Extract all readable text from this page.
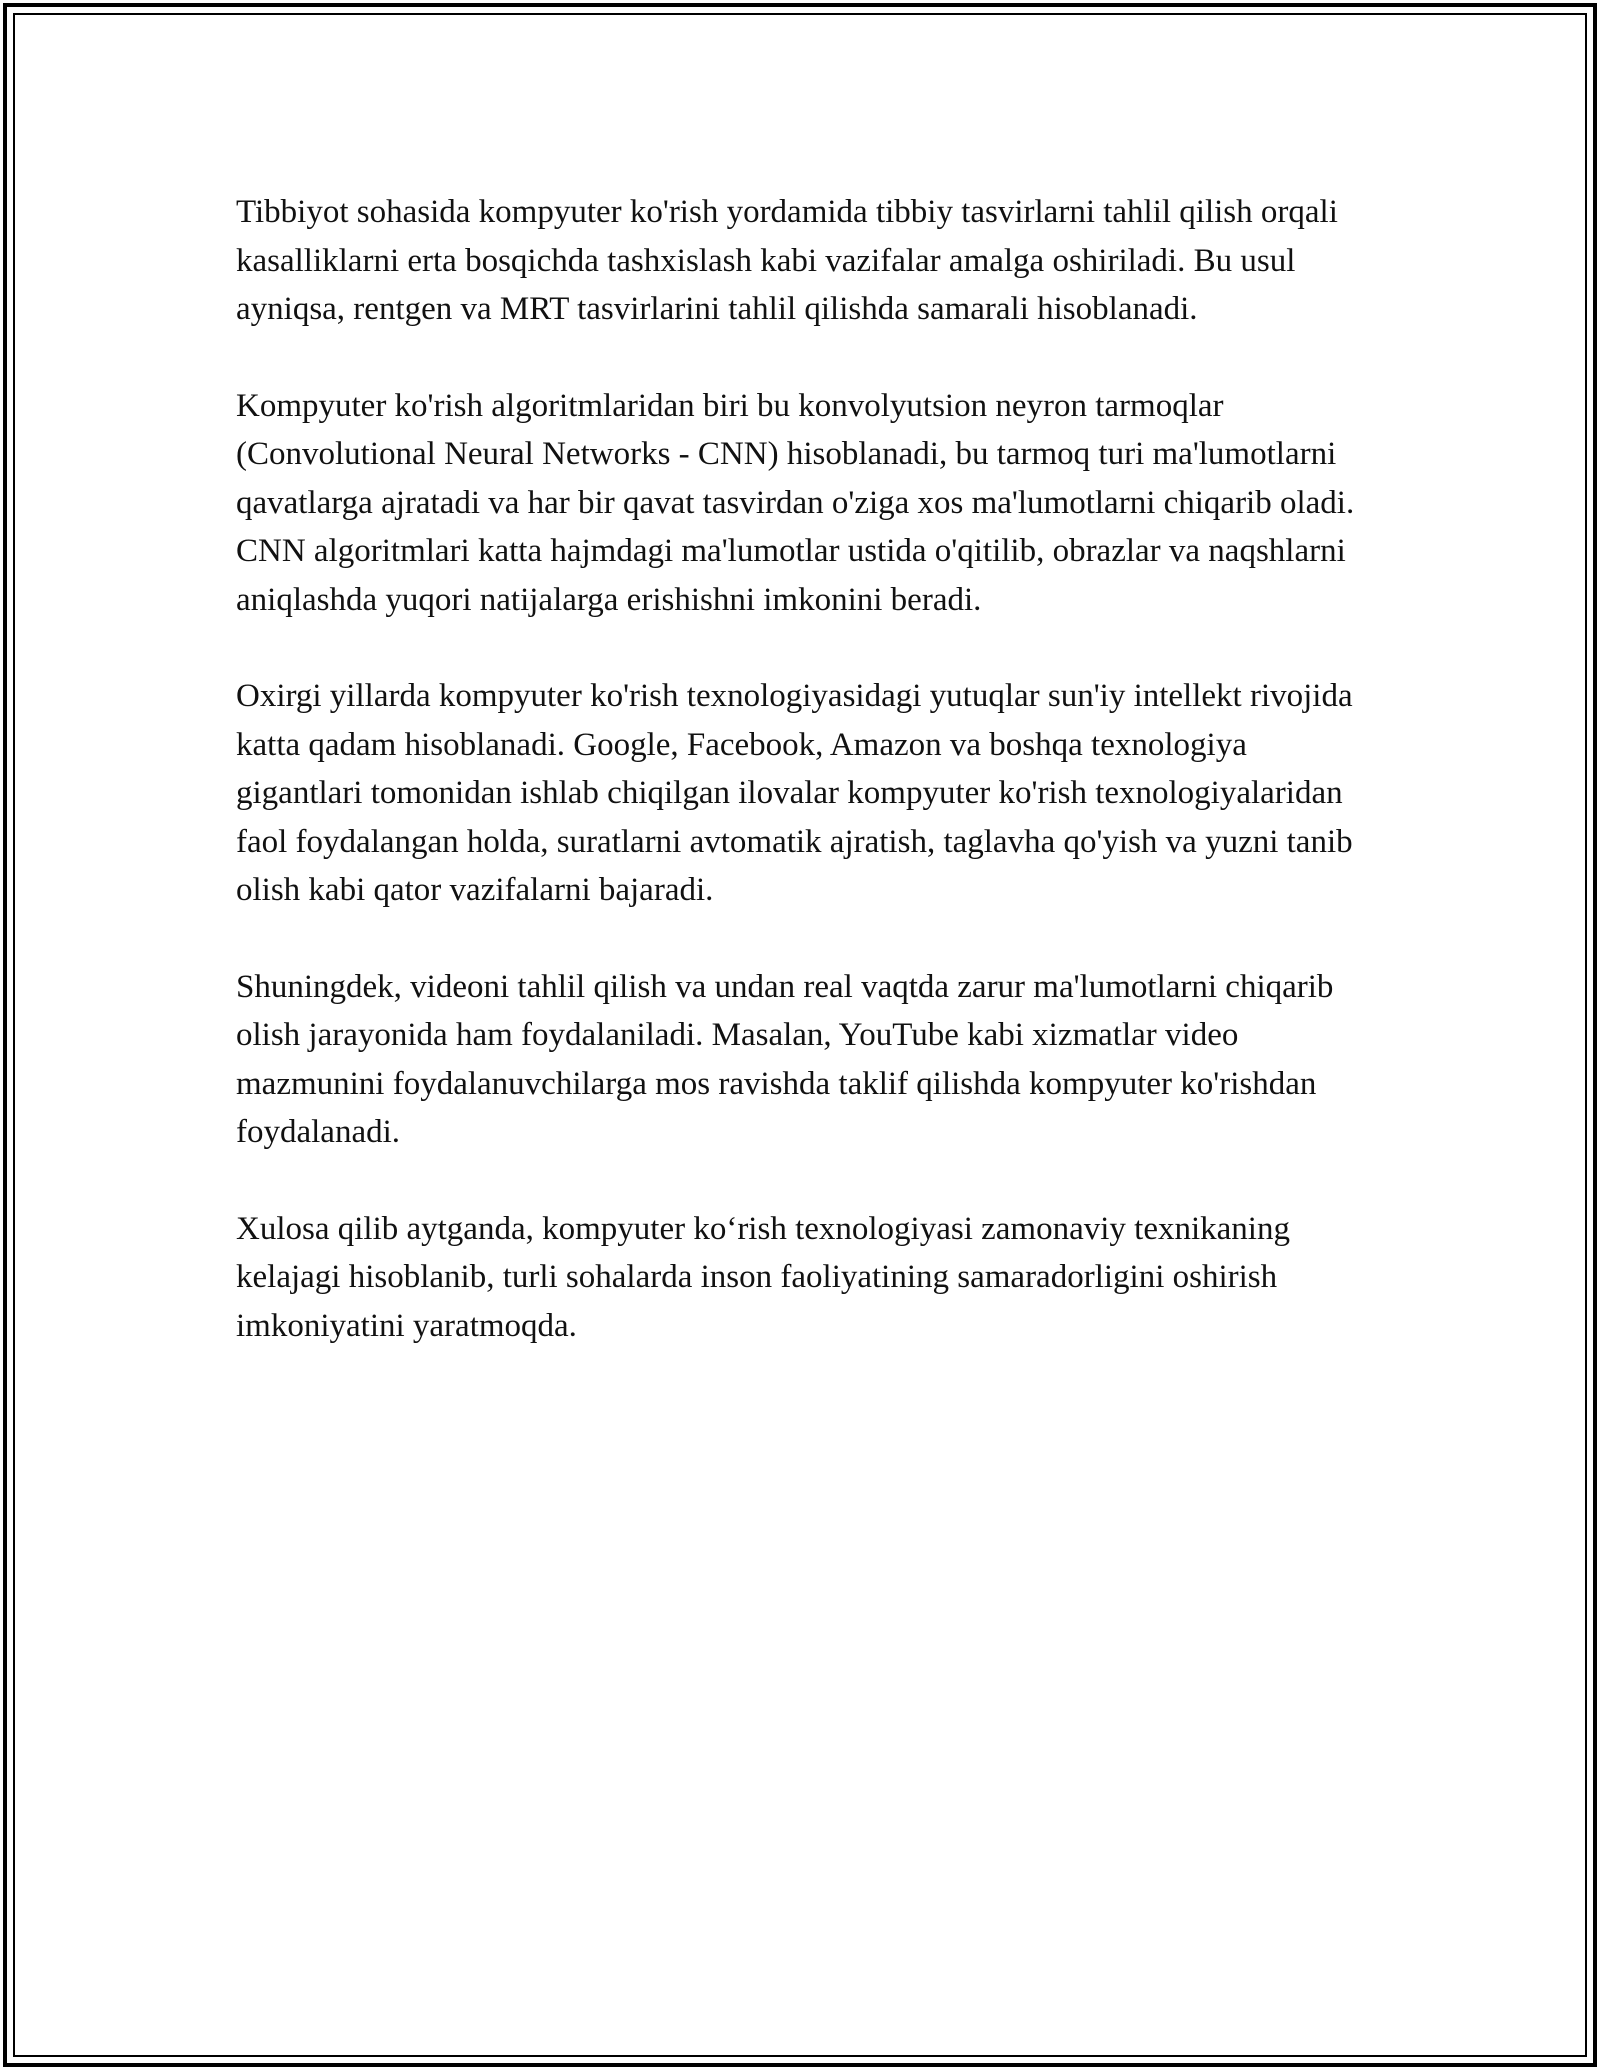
Tibbiyot sohasida kompyuter ko'rish yordamida tibbiy tasvirlarni tahlil qilish orqali kasalliklarni erta bosqichda tashxislash kabi vazifalar amalga oshiriladi. Bu usul ayniqsa, rentgen va MRT tasvirlarini tahlil qilishda samarali hisoblanadi.

Kompyuter ko'rish algoritmlaridan biri bu konvolyutsion neyron tarmoqlar (Convolutional Neural Networks - CNN) hisoblanadi, bu tarmoq turi ma'lumotlarni qavatlarga ajratadi va har bir qavat tasvirdan o'ziga xos ma'lumotlarni chiqarib oladi. CNN algoritmlari katta hajmdagi ma'lumotlar ustida o'qitilib, obrazlar va naqshlarni aniqlashda yuqori natijalarga erishishni imkonini beradi.

Oxirgi yillarda kompyuter ko'rish texnologiyasidagi yutuqlar sun'iy intellekt rivojida katta qadam hisoblanadi. Google, Facebook, Amazon va boshqa texnologiya gigantlari tomonidan ishlab chiqilgan ilovalar kompyuter ko'rish texnologiyalaridan faol foydalangan holda, suratlarni avtomatik ajratish, taglavha qo'yish va yuzni tanib olish kabi qator vazifalarni bajaradi.

Shuningdek, videoni tahlil qilish va undan real vaqtda zarur ma'lumotlarni chiqarib olish jarayonida ham foydalaniladi. Masalan, YouTube kabi xizmatlar video mazmunini foydalanuvchilarga mos ravishda taklif qilishda kompyuter ko'rishdan foydalanadi.

Xulosa qilib aytganda, kompyuter ko‘rish texnologiyasi zamonaviy texnikaning kelajagi hisoblanib, turli sohalarda inson faoliyatining samaradorligini oshirish imkoniyatini yaratmoqda.
